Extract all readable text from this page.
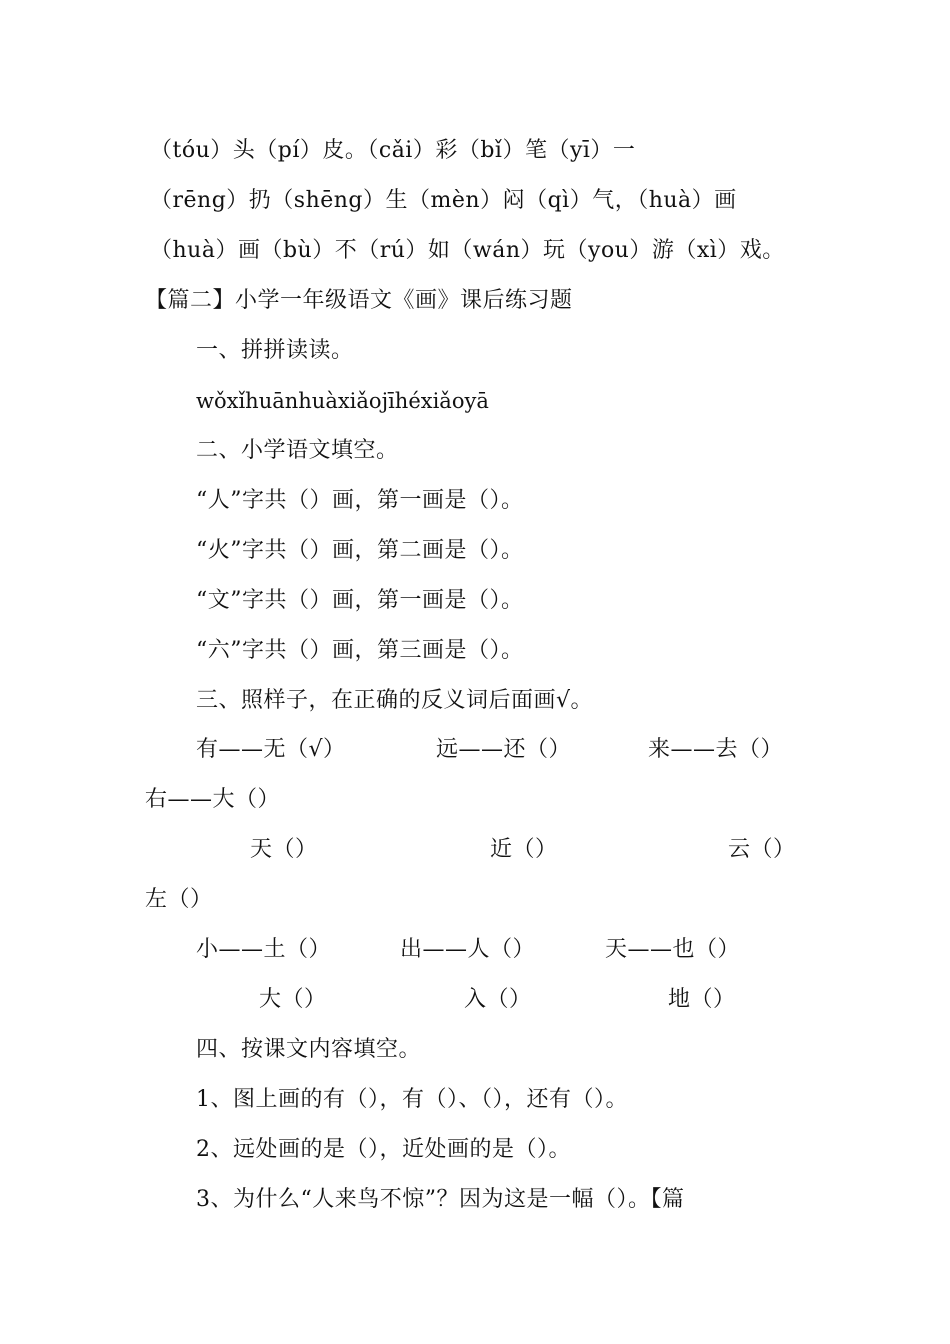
（tóu）头（pí）皮。（cǎi）彩（bǐ）笔（yī）一
（rēng）扔（shēng）生（mèn）闷（qì）气，（huà）画
（huà）画（bù）不（rú）如（wán）玩（you）游（xì）戏。
【篇二】小学一年级语文《画》课后练习题
一、拼拼读读。
wǒxǐhuānhuàxiǎojīhéxiǎoyā
二、小学语文填空。
“人”字共（）画，第一画是（）。
“火”字共（）画，第二画是（）。
“文”字共（）画，第一画是（）。
“六”字共（）画，第三画是（）。
三、照样子，在正确的反义词后面画√。
有——无（√）	远——还（）	来——去（）
右——大（）
天（）	近（）	云（）
左（）
小——土（）	出——人（）	天——也（）
大（）	入（）	地（）
四、按课文内容填空。
1、图上画的有（），有（）、（），还有（）。
2、远处画的是（），近处画的是（）。
3、为什么“人来鸟不惊”？因为这是一幅（）。【篇
